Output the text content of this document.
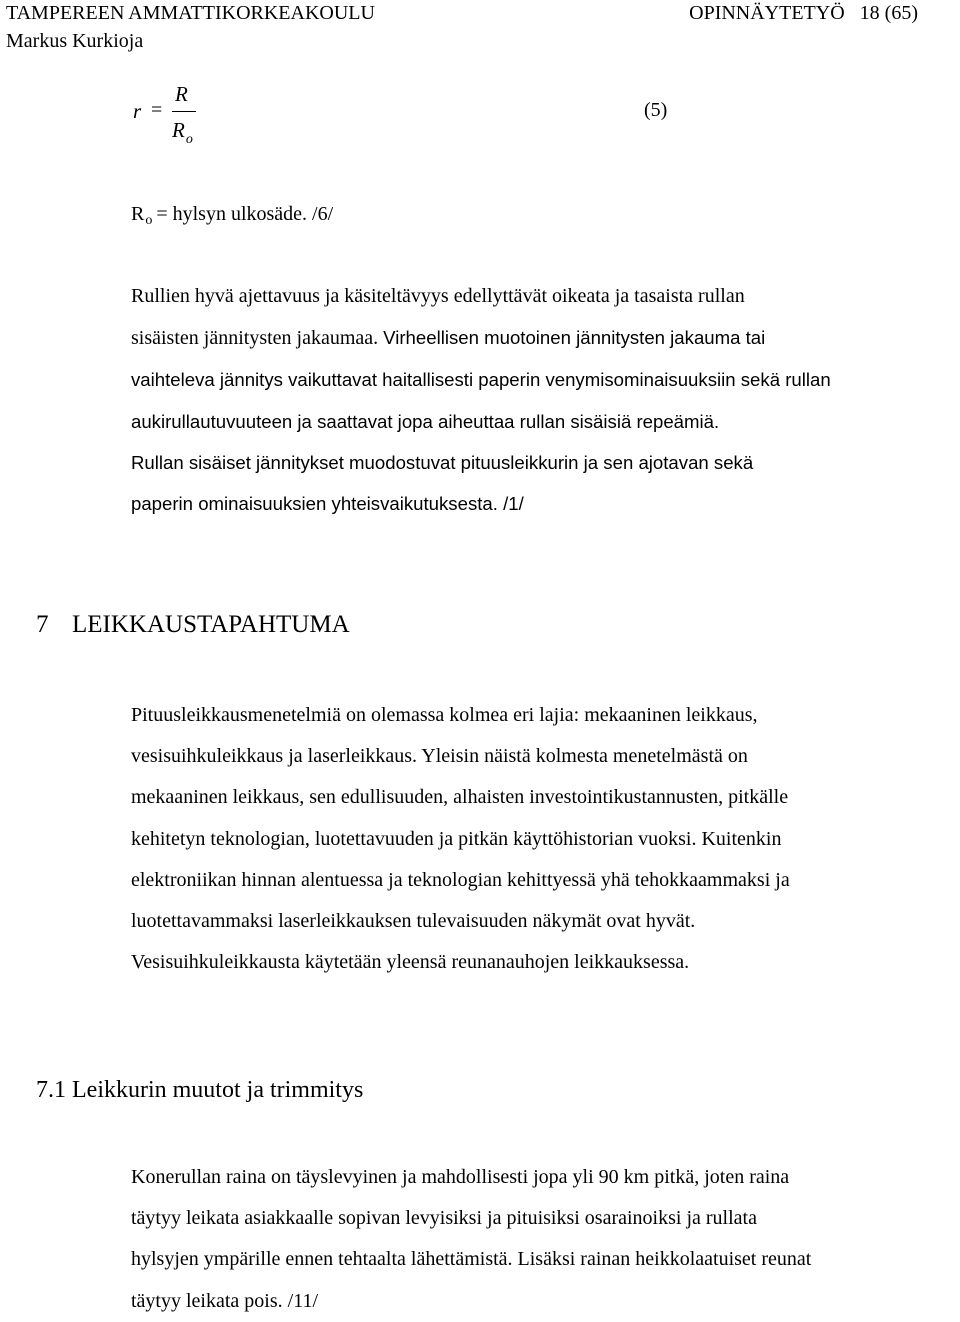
TAMPEREEN AMMATTIKORKEAKOULU
Markus Kurkioja
OPINNÄYTETYÖ 18 (65)
r =
R
$R_o$
(5)
$R_o$ = hylsyn ulkosäde. /6/
Rullien hyvä ajettavuus ja käsiteltävyys edellyttävät oikeata ja tasaista rullan
sisäisten jännitysten jakaumaa. Virheellisen muotoinen jännitysten jakauma tai
vaihteleva jännitys vaikuttavat haitallisesti paperin venymisominaisuuksiin sekä rullan
aukirullautuvuuteen ja saattavat jopa aiheuttaa rullan sisäisiä repeämiä.
Rullan sisäiset jännitykset muodostuvat pituusleikkurin ja sen ajotavan sekä
paperin ominaisuuksien yhteisvaikutuksesta. /1/
7 LEIKKAUSTAPAHTUMA
Pituusleikkausmenetelmiä on olemassa kolmea eri lajia: mekaaninen leikkaus,
vesisuihkuleikkaus ja laserleikkaus. Yleisin näistä kolmesta menetelmästä on
mekaaninen leikkaus, sen edullisuuden, alhaisten investointikustannusten, pitkälle
kehitetyn teknologian, luotettavuuden ja pitkän käyttöhistorian vuoksi. Kuitenkin
elektroniikan hinnan alentuessa ja teknologian kehittyessä yhä tehokkaammaksi ja
luotettavammaksi laserleikkauksen tulevaisuuden näkymät ovat hyvät.
Vesisuihkuleikkausta käytetään yleensä reunanauhojen leikkauksessa.
7.1 Leikkurin muutot ja trimmitys
Konerullan raina on täyslevyinen ja mahdollisesti jopa yli 90 km pitkä, joten raina
täytyy leikata asiakkaalle sopivan levyisiksi ja pituisiksi osarainoiksi ja rullata
hylsyjen ympärille ennen tehtaalta lähettämistä. Lisäksi rainan heikkolaatuiset reunat
täytyy leikata pois. /11/
